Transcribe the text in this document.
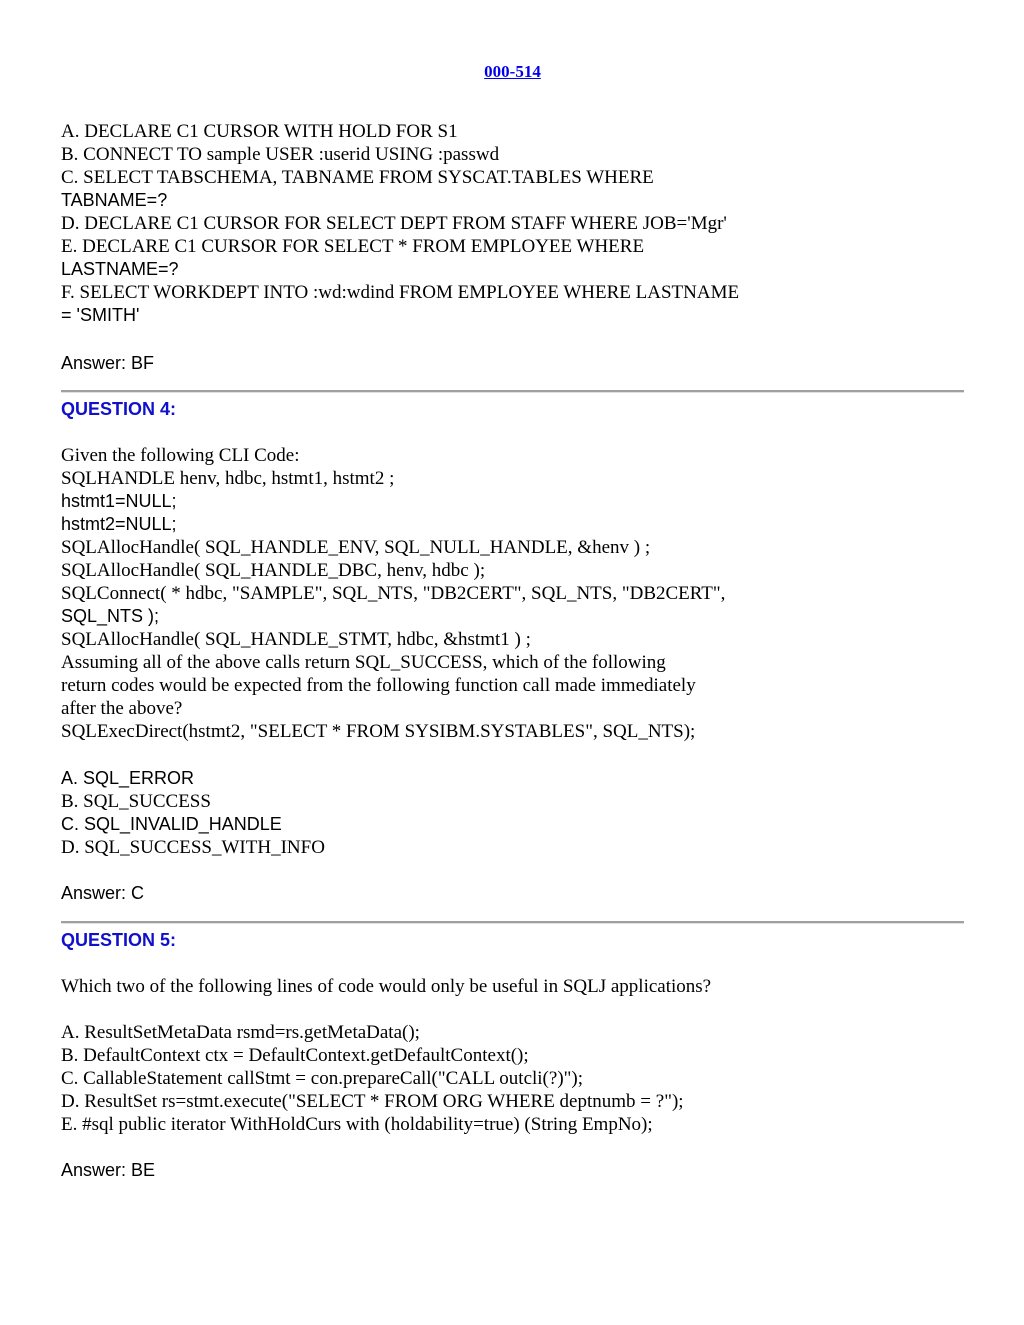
000-514
A. DECLARE C1 CURSOR WITH HOLD FOR S1
B. CONNECT TO sample USER :userid USING :passwd
C. SELECT TABSCHEMA, TABNAME FROM SYSCAT.TABLES WHERE
TABNAME=?
D. DECLARE C1 CURSOR FOR SELECT DEPT FROM STAFF WHERE JOB='Mgr'
E. DECLARE C1 CURSOR FOR SELECT * FROM EMPLOYEE WHERE
LASTNAME=?
F. SELECT WORKDEPT INTO :wd:wdind FROM EMPLOYEE WHERE LASTNAME
= 'SMITH'
Answer: BF
QUESTION 4:
Given the following CLI Code:
SQLHANDLE henv, hdbc, hstmt1, hstmt2 ;
hstmt1=NULL;
hstmt2=NULL;
SQLAllocHandle( SQL_HANDLE_ENV, SQL_NULL_HANDLE, &henv ) ;
SQLAllocHandle( SQL_HANDLE_DBC, henv, hdbc );
SQLConnect( * hdbc, "SAMPLE", SQL_NTS, "DB2CERT", SQL_NTS, "DB2CERT",
SQL_NTS );
SQLAllocHandle( SQL_HANDLE_STMT, hdbc, &hstmt1 ) ;
Assuming all of the above calls return SQL_SUCCESS, which of the following
return codes would be expected from the following function call made immediately
after the above?
SQLExecDirect(hstmt2, "SELECT * FROM SYSIBM.SYSTABLES", SQL_NTS);
A. SQL_ERROR
B. SQL_SUCCESS
C. SQL_INVALID_HANDLE
D. SQL_SUCCESS_WITH_INFO
Answer: C
QUESTION 5:
Which two of the following lines of code would only be useful in SQLJ applications?
A. ResultSetMetaData rsmd=rs.getMetaData();
B. DefaultContext ctx = DefaultContext.getDefaultContext();
C. CallableStatement callStmt = con.prepareCall("CALL outcli(?)");
D. ResultSet rs=stmt.execute("SELECT * FROM ORG WHERE deptnumb = ?");
E. #sql public iterator WithHoldCurs with (holdability=true) (String EmpNo);
Answer: BE
